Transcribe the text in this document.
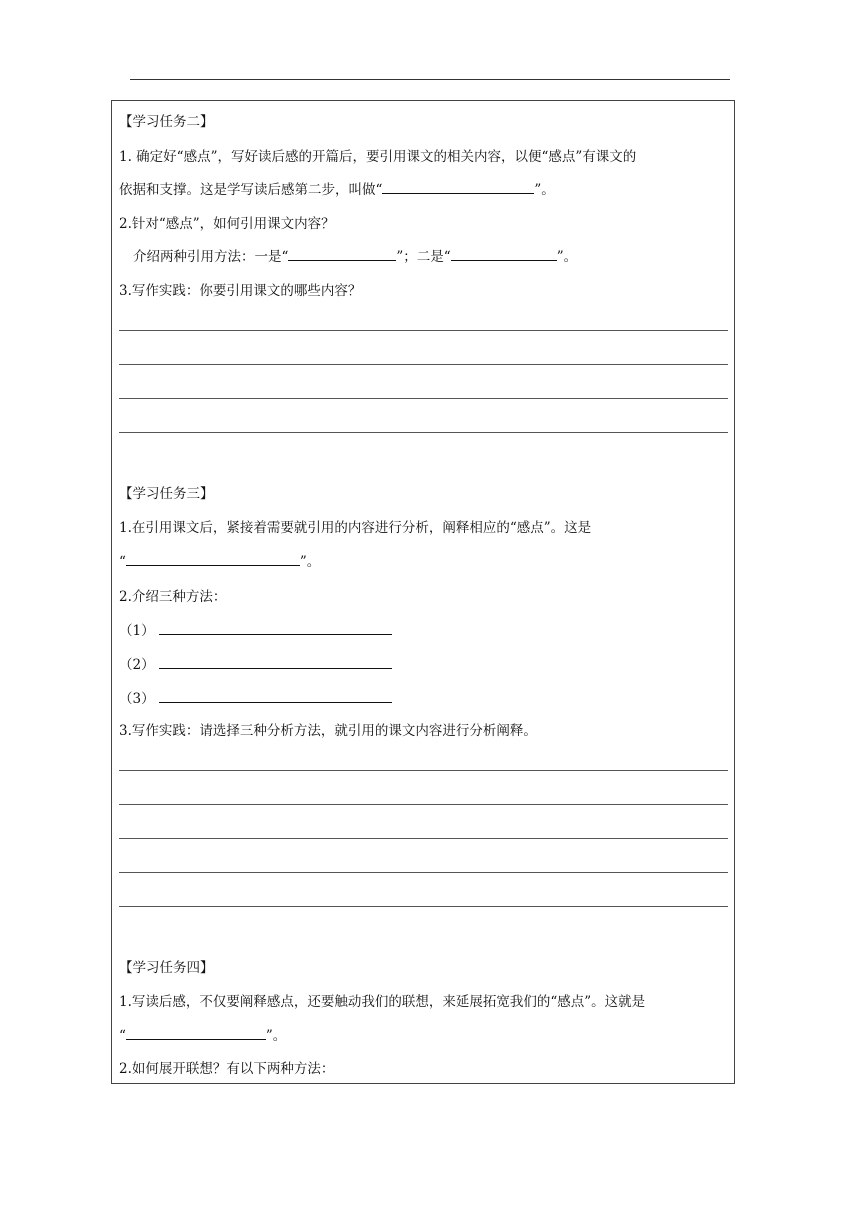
【学习任务二】
1. 确定好“感点”，写好读后感的开篇后，要引用课文的相关内容，以便“感点”有课文的
依据和支撑。这是学写读后感第二步，叫做“	”。
2.针对“感点”，如何引用课文内容？
介绍两种引用方法：一是“	”；二是“	”。
3.写作实践：你要引用课文的哪些内容？
【学习任务三】
1.在引用课文后，紧接着需要就引用的内容进行分析，阐释相应的“感点”。这是
“	”。
2.介绍三种方法：
（1）
（2）
（3）
3.写作实践：请选择三种分析方法，就引用的课文内容进行分析阐释。
【学习任务四】
1.写读后感，不仅要阐释感点，还要触动我们的联想，来延展拓宽我们的“感点”。这就是
“	”。
2.如何展开联想？有以下两种方法：
